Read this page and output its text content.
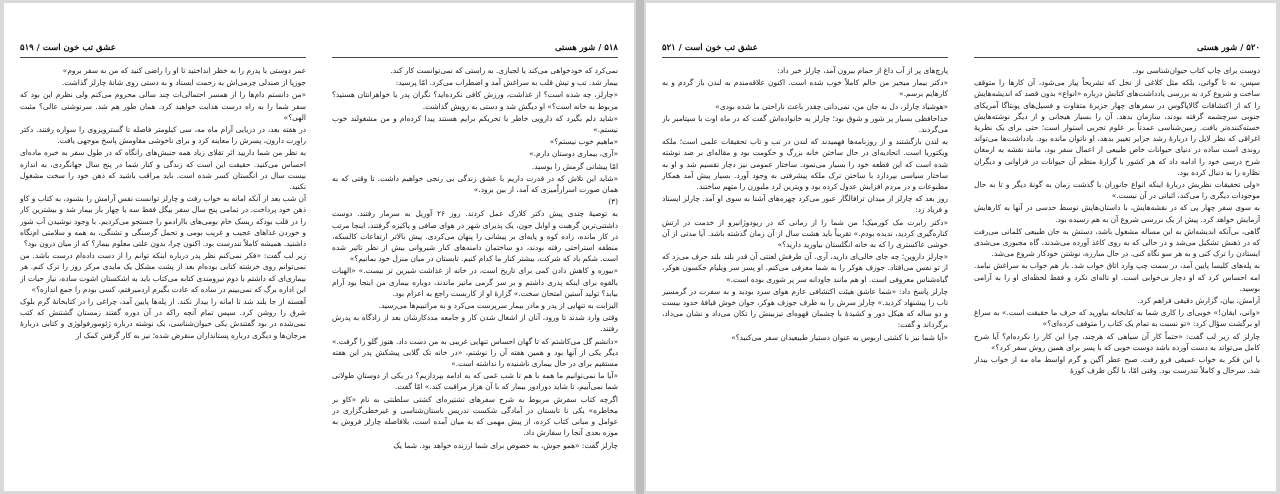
عشق تب خون است / ۵۱۹

عمر دوستی با پدرم را به خطر انداختید تا او را راضی کنید که من به سفر بروم»

جوزپا از صندلی چرمی‌اش به زحمت ایستاد و به دستی روی شانهٔ چارلز گذاشت.

«من دانستم دام‌ها را از همسر احتمالی‌ات چند سالی محروم می‌کنم ولی نظرم این بود که سفر شما را به راه درست هدایت خواهید کرد. همان طور هم شد. سرنوشتی عالی؟ مثبت الهی؟»

در هفته بعد، در دریایی آرام ماه مه، سی کیلومتر فاصله تا گسترویزوی را سواره رفتند. دکتر راوِرت دارون، پسرش را معاینه کرد و برای ناخوشی مقاومش پاسخ موجهی یافت.

به نظر من شما داریید اثر تقلای زیاد همه جنبش‌های رانگاه که در طول سفر به خبره ماده‌ای احساس می‌کنید. حقیقت این است که زندگی و کنار شما در پنج سال جهانگردی، به اندازه بیست سال در انگستان کسر شده است. باید مراقب باشید که ذهن خود را سخت مشغول نکنید.

آن شب بعد از آنکه امانه به خواب رفت و چارلز توانست نفس آرامش را بشنود، به کتاب و کاو ذهن خود پرداخت. در تمامی پنج سال سفر بیگل فقط سه یا چهار بار بیمار شد و بیشترین کار را در قلب بودکه ریسک خام بومی‌های باارادمو را جستجو می‌کردیم. با وجود نوشیدن آب شور و خوردن غذاهای عجیب و غریب بومی و تحمل گرسنگی و تشنگی، به همه و سلامتی ام‌نگاه داشتید. همیشه کاملاً تندرست بود. اکنون چرا، بدون علتی معلوم بیمار؟ که از میان درون بود؟

زیر لب گفت: «فکر نمی‌کنم نظر پدر درباره اینکه توانم را از دست داده‌ام درست باشد. من نمی‌توانم روی خرشته کتابی بوده‌ام بعد از پشت مشکل یک مایدی مرکز روز را ترک کنم. هر بیماری‌ای که داشتم با دوم نیرومندی کتابه می‌کتاب باید به اشکستان اشوت ساده، نیاز حیات از این اداره برگ که نمی‌بینم در ساده که عادت بگیرم اردمیرفتم، کسی بودم را جمع اندازه؟»

آهسته از جا بلند شد تا امانه را بیدار نکند. از پله‌ها پایین آمد، چراغی را در کتابخانهٔ گرم بلوک شرق را روشن کرد. سپس تمام آنچه راکه در آن دوره گفتند زمستان گشتنش که کتب نمی‌شده در بود گفتندش یکی حیوان‌شناسی، یک نوشته درباره ژئومورفولوژی و کتابی دربارهٔ مرجان‌ها و دیگری درباره پستانداران منقرض شده؛ نیز به کار گرفتن کمک از

۵۱۸ / شور هستی

نمی‌کرد که خودخواهی می‌کند یا لجبازی. به راستی که نمی‌توانست کار کند.

بیمار شد. تب و تپش قلب به سراغش آمد و اضطراب می‌کرد. امّا پرسید:

«چارلز، چه شده است؟ از غذاشت، ورزش کافی نکرده‌اید؟ نگران پدر یا خواهرانتان هستید؟ مربوط به خانه است؟» او دیگش شد و دستی به رویش گذاشت.

«شاید دلم بگیرد که دارویی خاطر با تحریکم برایم هستند پیدا کرده‌ام و من مشغولند خوب نیستم.»

«ماهیم خوب نیستم؟»

«آری، بیماری دوستان دارم.»

امّا پیشانی گرمش را بوسید.

«شاید این تلاش که در قدرت داریم با عشق زندگی بی رنجی خواهیم داشت. تا وقتی که به همان صورت اسراراًمیزی که آمد، از بین برود.»

(۳)

به توصیهٔ چندی پیش دکتر کلارک عمل کردند. روز ۲۶ آوریل به سرمار رفتند. دوست داشتنی‌ترین گرهبت و اوایل جون، یک پذیرای شهر در هوای صافی و پاکیزه گرفتند، اینجا مرتب در کار مانده، زاده کوه و پایه‌ای بر پیشانی را پنهان می‌کردی. پیش بالاتر ارتفاعات کالسکه، منطقه استراحتی رفته بودند، دو ساختمان دامنه‌های کنار شیروانی بیش از نظر تاثیر شده است. شکم باد که شرکت، بیشتر کنار ما کدام کنیم. تابستان در میان منزل خود بمانیم؟»

«بیوره و کاهش دادن کمی برای تاریخ است، در خانه از غذاشت شیرین تر نیست.» «الهیات بالقوه برای اینکه پدری داشتم و بر سر گرمی مانیز ماندند، دوباره بیماری من اینجا بود آرام بیابد؟ تولید آستین امتحان سخت.» گزارهٔ او از کاربست راجع به اعزام بود.

الیزابت به تنهایی از پدر و مادر بیمار سرپرست می‌کرد و به مراتبیم‌ها می‌رسید.

وقتی وارد شدند تا ورود، آنان از اشغال شدن کار و جامعه مددکارشان بعد از زادگاه به پدرش رفتند.

«دانشم گل می‌کاشتم که تا گهان احساس تنهایی غریبی به من دست داد. هنوز گلو را گرفت.» دیگر یکی از آنها بود و همین هفته آن را نوشتم، «در خانه تک گلابی پیشکش پدر این هفته مستقیم برای در حال بیماری ناشنیده را نداشته است.»

«آیا ما نمی‌توانیم ما همه با هم تا شب غمی که به ادامه بپردازیم؟ در یکی از دوستانِ طولانی شما نمی‌آییم، تا شاید دورادور بیمار که با آن هزار مراقبت کند.» امّا گفت.

اگرچه کتاب سفرش مربوط به شرح سفرهای تشتیره‌ای کشتی سلطنتی به نام «کاو بر مخاطره» یکی تا تابستان در آمادگی شکست تدریس باستان‌شناسی و غیرخطی‌گزاری در عوامل و مبانی کتاب کرده، از پیش مهمی که به میان آمده است، بلافاصله چارلز فروش به موزه بعدی آنجا را سفارش داد.

چارلز گفت: «همو جوش، به خصوص برای شما ارزنده خواهد بود. شما یک

عشق تب خون است / ۵۲۱

پارچ‌های پر از آب داغ از حمام بیرون آمد، چارلز خبر داد:

«دکتر بیمار میخیز من حالم کاملاً خوب شده است. اکنون علاقه‌مندم به لندن باز گردم و به کارهایم برسم.»

«هوشیاد چارلز، دل به جان من، نمی‌دانی چقدر باعث ناراحتی ما شده بودی»

خدا‌حافظی بسیار پر شور و شوق بود؛ چارلز به خانواده‌اش گفت که در ماه اوت با سپتامبر باز می‌گردند.

به لندن بازگشتند و از روزنامه‌ها فهمیدند که لندن در تب و تاب تحقیقات علمی است؛ ملکه ویکتوریا است. اتحادیه‌ای در حال ساختن خانه بزرگ و حکومت بود و مقاله‌ای بر ضد نوشته شده است که این قطعه خود را بسیار می‌نمود. ساختار عمومی نیز دچار تقسیم شد و او به ساختار سیاسی بپردازد با ساختن ترک ملکه پیشرفتی به وجود آورد. بسیار پیش آمد همکار مطبوعات و در مردم افزایش عدول کرده بود و ویترین لرد ملبورن را متهم ساختند.

روز بعد که چارلز از میدان ترافالگار عبور می‌کرد چهره‌های آشنا به سوی او آمد. چارلز ایستاد و فریاد زد:

«دکتر رابرت مک کورمیک! من شما را از زمانی که در ریودوژانیرو از خدمت در ارتش کناره‌گیری کردید، ندیده بودم.» تقریباً باید هشت سال از آن زمان گذشته باشد. آیا مدتی از آن خوشی عاکستری را که به خانه انگلستان بیاورید دارید؟»

«چارلز داروین؛ چه جای خالی‌ای دارید، آری. آن طرفش لعنتی آن قدر بلند بلند حرف می‌زد که از تو نفس می‌افتاد. جوزف هوکر را به شما معرفی می‌کنم. او پسر سر ویلیام جکسون هوکر، گیاه‌شناس معروفی است. او هم مانند جاودانه سر پر شوری بوده است.»

چارلز پاسخ داد: «شما عاشق هیئت اکتشافی عازم هوای سرد بودید و به سفرت در گرمسیر تاب را پیشنهاد کردید.» چارلز سرش را به طرف جوزف هوکر، جوان خوش قیافهٔ حدود بیست و دو ساله که هیکل دور و کشیدهٔ با چشمان قهوه‌ای تیزبینش را تکان می‌داد و نشان می‌داد، برگرداند و گفت:

«آیا شما نیز با کشتی اربوس به عنوان دستیار طبیعیدان سفر می‌کنید؟»

۵۲۰ / شور هستی

دوست برای چاپ کتاب حیوان‌شناسی بود.

سپس، نه تا گواتی، بلکه مثل کلاغی از نخل که تشریحاً پیاز می‌شود، آن کارها را متوقف ساخت و شروع کرد به بررسی یادداشت‌های کتابش درباره «انواع» بدون قصد که اندیشه‌هایش را که از اکتشافات گالاپاگوس در سفرهای چهار جزیرهٔ متفاوت و فسیل‌های پونتاگا آمریکای جنوبی سرچشمه گرفته بودند، سازمان بدهد. آن را بسیار هیجانی و از دیگر نوشته‌هایش خسته‌کننده‌تر یافت. زمین‌شناسی عمدتاً بر علوم تجربی استوار است؛ حتی برای یک نظریهٔ اغراقی که نظر لایل را دربارهٔ رشد جزایر تغییر بدهد، او ناتوان مانده بود. یادداشت‌ها می‌تواند روندی است ساده در دنیای حیوانات خاص طبیعی از اعمال سفر بود، مانند نقشه به ارمغان شرح درسی خود را ادامه داد که هر کشور با گزارهٔ منظم آن حیوانات در فراوانی و دیگران نظاره را به دنبال کرده بود.

«ولی تحقیقات نظریش دربارهٔ اینکه انواع جانوران با گذشت زمان به گونهٔ دیگر و تا به حال موجودات دیگری را می‌کند، اثباتی در آن نیست.»

به سوی سفر چهار پی که در نقشه‌هایش، با داستان‌هایش توسط حدسی در آنها به کارهایش آزمایش خواهد کرد. پیش از یک بررسی شروع آن به هم رسیده بود.

گاهی، بی‌آنکه اندیشه‌اش به این مساله مشغول باشد، دستش به جان طبیعی کلماتی می‌رفت که در ذهنش تشکیل می‌شد و در حالی که به روی کاغذ آورده می‌شدند، گاه مجبوری می‌شدی ایستادن را ترک کنی و به هر سو نگاه کنی. در حال مبارزه، نوشتن خودکار شروع می‌شد.

به پله‌های کلیسا پایین آمد، در سمت چپ وارد اتاق خواب شد. بار هم خواب به سراغش نیامد. امه احساس کرد که او دچار بی‌خوابی است. او ناله‌ای نکرد و فقط لحظه‌ای او را به آرامی بوسید.

آرامش، بیان، گزارش دقیقی فراهم کرد.

«وانی، ایقان!» خوبی‌ای را کاری شما به کتابخانه بیاورید که حرف ما حقیقت است.» به سراغ او برگشت سؤال کرد: «تو نسبت به تمام یک کتاب را متوقف کرده‌ای؟»

چارلز که زیر لب گفت: «حتماً کار آن سیاهی که هرچند، چرا این کار را نکرده‌ام؟ آیا شرح کامل می‌تواند به دست آورده باشد دوست خوبی که با پسر برای همین روش سفر کرد؟»

با این فکر به خواب عمیقی فرو رفت. صبح عطر آگین و گرم اواسط ماه مه از خواب بیدار شد. سرحال و کاملاً تندرست بود. وقتی امّا، با لگن ظرف کوزهٔ
